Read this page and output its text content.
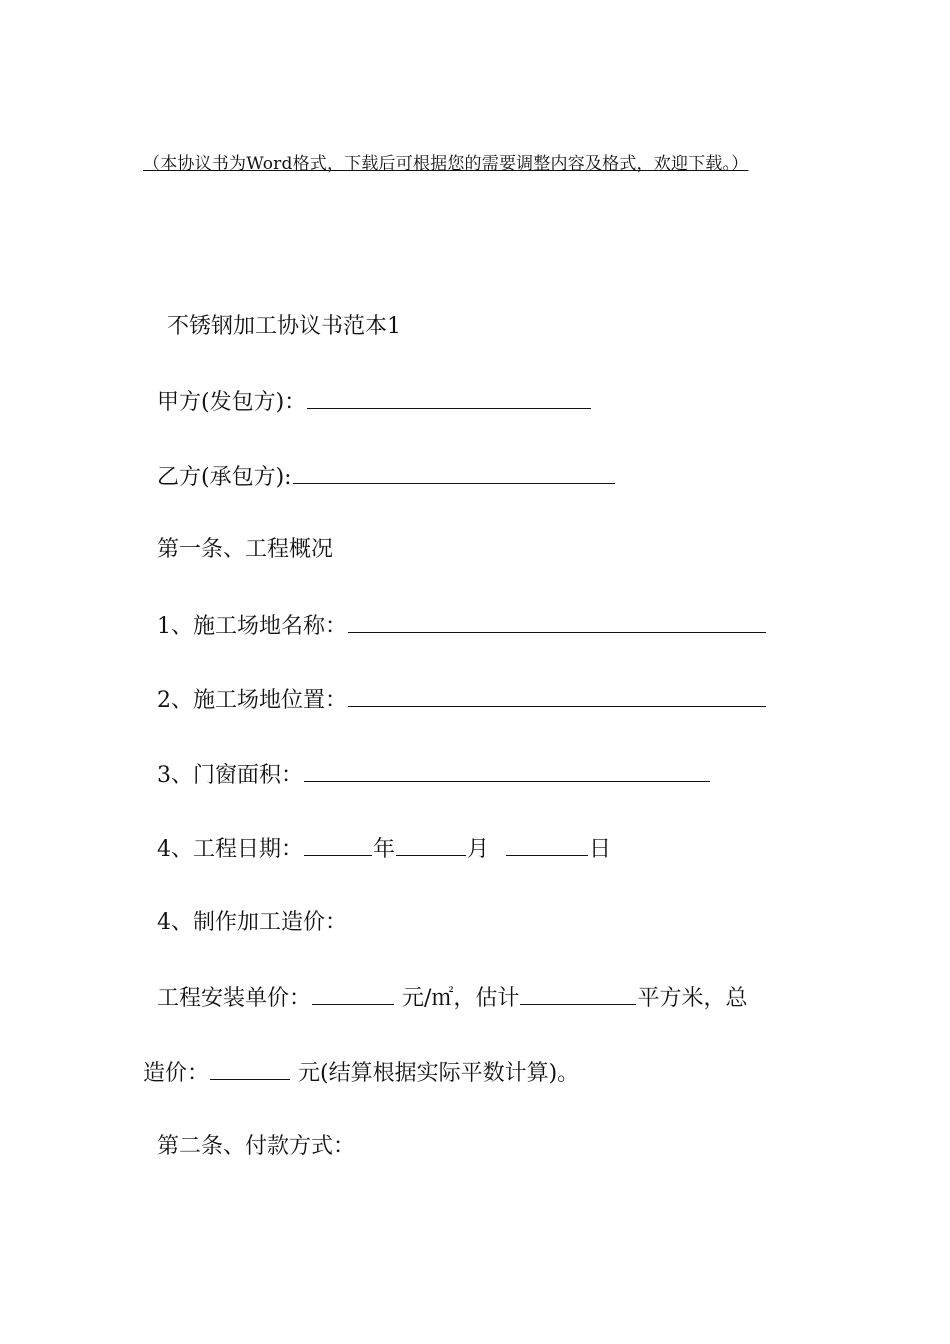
（本协议书为Word格式，下载后可根据您的需要调整内容及格式，欢迎下载。）
不锈钢加工协议书范本1
甲方(发包方)：
乙方(承包方):
第一条、工程概况
1、施工场地名称：
2、施工场地位置：
3、门窗面积：
4、工程日期：	年	月	日
4、制作加工造价：
工程安装单价：	元/㎡，估计	平方米，总
造价：	元(结算根据实际平数计算)。
第二条、付款方式：
